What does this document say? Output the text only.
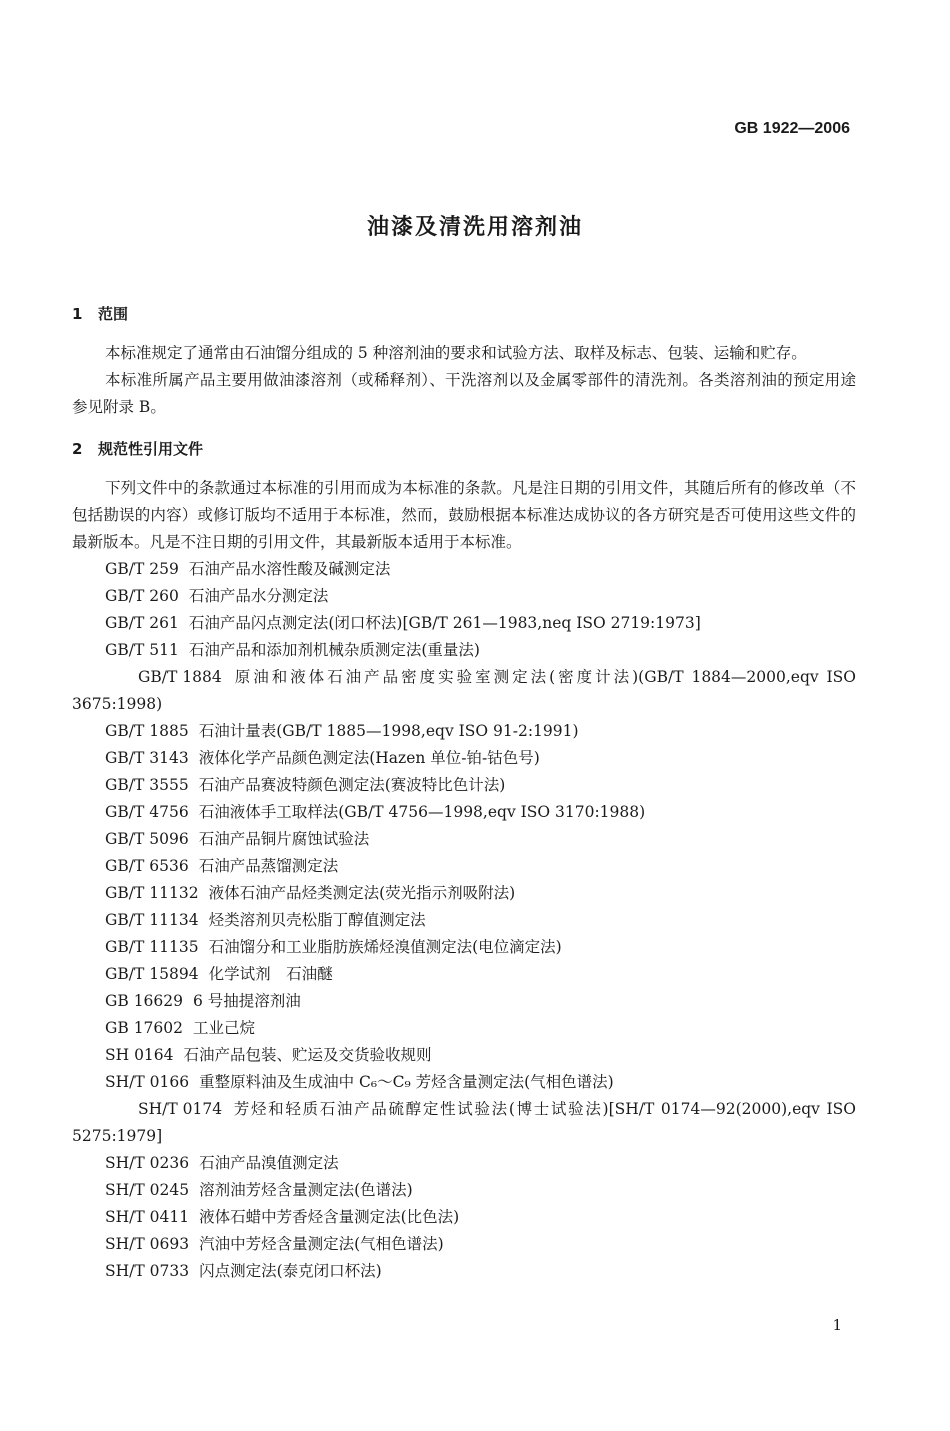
GB 1922—2006
油漆及清洗用溶剂油
1 范围

本标准规定了通常由石油馏分组成的 5 种溶剂油的要求和试验方法、取样及标志、包装、运输和贮存。

本标准所属产品主要用做油漆溶剂（或稀释剂）、干洗溶剂以及金属零部件的清洗剂。各类溶剂油的预定用途参见附录 B。

2 规范性引用文件

下列文件中的条款通过本标准的引用而成为本标准的条款。凡是注日期的引用文件，其随后所有的修改单（不包括勘误的内容）或修订版均不适用于本标准，然而，鼓励根据本标准达成协议的各方研究是否可使用这些文件的最新版本。凡是不注日期的引用文件，其最新版本适用于本标准。

GB/T 259 石油产品水溶性酸及碱测定法
GB/T 260 石油产品水分测定法
GB/T 261 石油产品闪点测定法(闭口杯法)[GB/T 261—1983,neq ISO 2719:1973]
GB/T 511 石油产品和添加剂机械杂质测定法(重量法)
GB/T 1884 原油和液体石油产品密度实验室测定法(密度计法)(GB/T 1884—2000,eqv ISO 3675:1998)
GB/T 1885 石油计量表(GB/T 1885—1998,eqv ISO 91-2:1991)
GB/T 3143 液体化学产品颜色测定法(Hazen 单位-铂-钴色号)
GB/T 3555 石油产品赛波特颜色测定法(赛波特比色计法)
GB/T 4756 石油液体手工取样法(GB/T 4756—1998,eqv ISO 3170:1988)
GB/T 5096 石油产品铜片腐蚀试验法
GB/T 6536 石油产品蒸馏测定法
GB/T 11132 液体石油产品烃类测定法(荧光指示剂吸附法)
GB/T 11134 烃类溶剂贝壳松脂丁醇值测定法
GB/T 11135 石油馏分和工业脂肪族烯烃溴值测定法(电位滴定法)
GB/T 15894 化学试剂　石油醚
GB 16629 6 号抽提溶剂油
GB 17602 工业己烷
SH 0164 石油产品包装、贮运及交货验收规则
SH/T 0166 重整原料油及生成油中 C₆～C₉ 芳烃含量测定法(气相色谱法)
SH/T 0174 芳烃和轻质石油产品硫醇定性试验法(博士试验法)[SH/T 0174—92(2000),eqv ISO 5275:1979]
SH/T 0236 石油产品溴值测定法
SH/T 0245 溶剂油芳烃含量测定法(色谱法)
SH/T 0411 液体石蜡中芳香烃含量测定法(比色法)
SH/T 0693 汽油中芳烃含量测定法(气相色谱法)
SH/T 0733 闪点测定法(泰克闭口杯法)
1
